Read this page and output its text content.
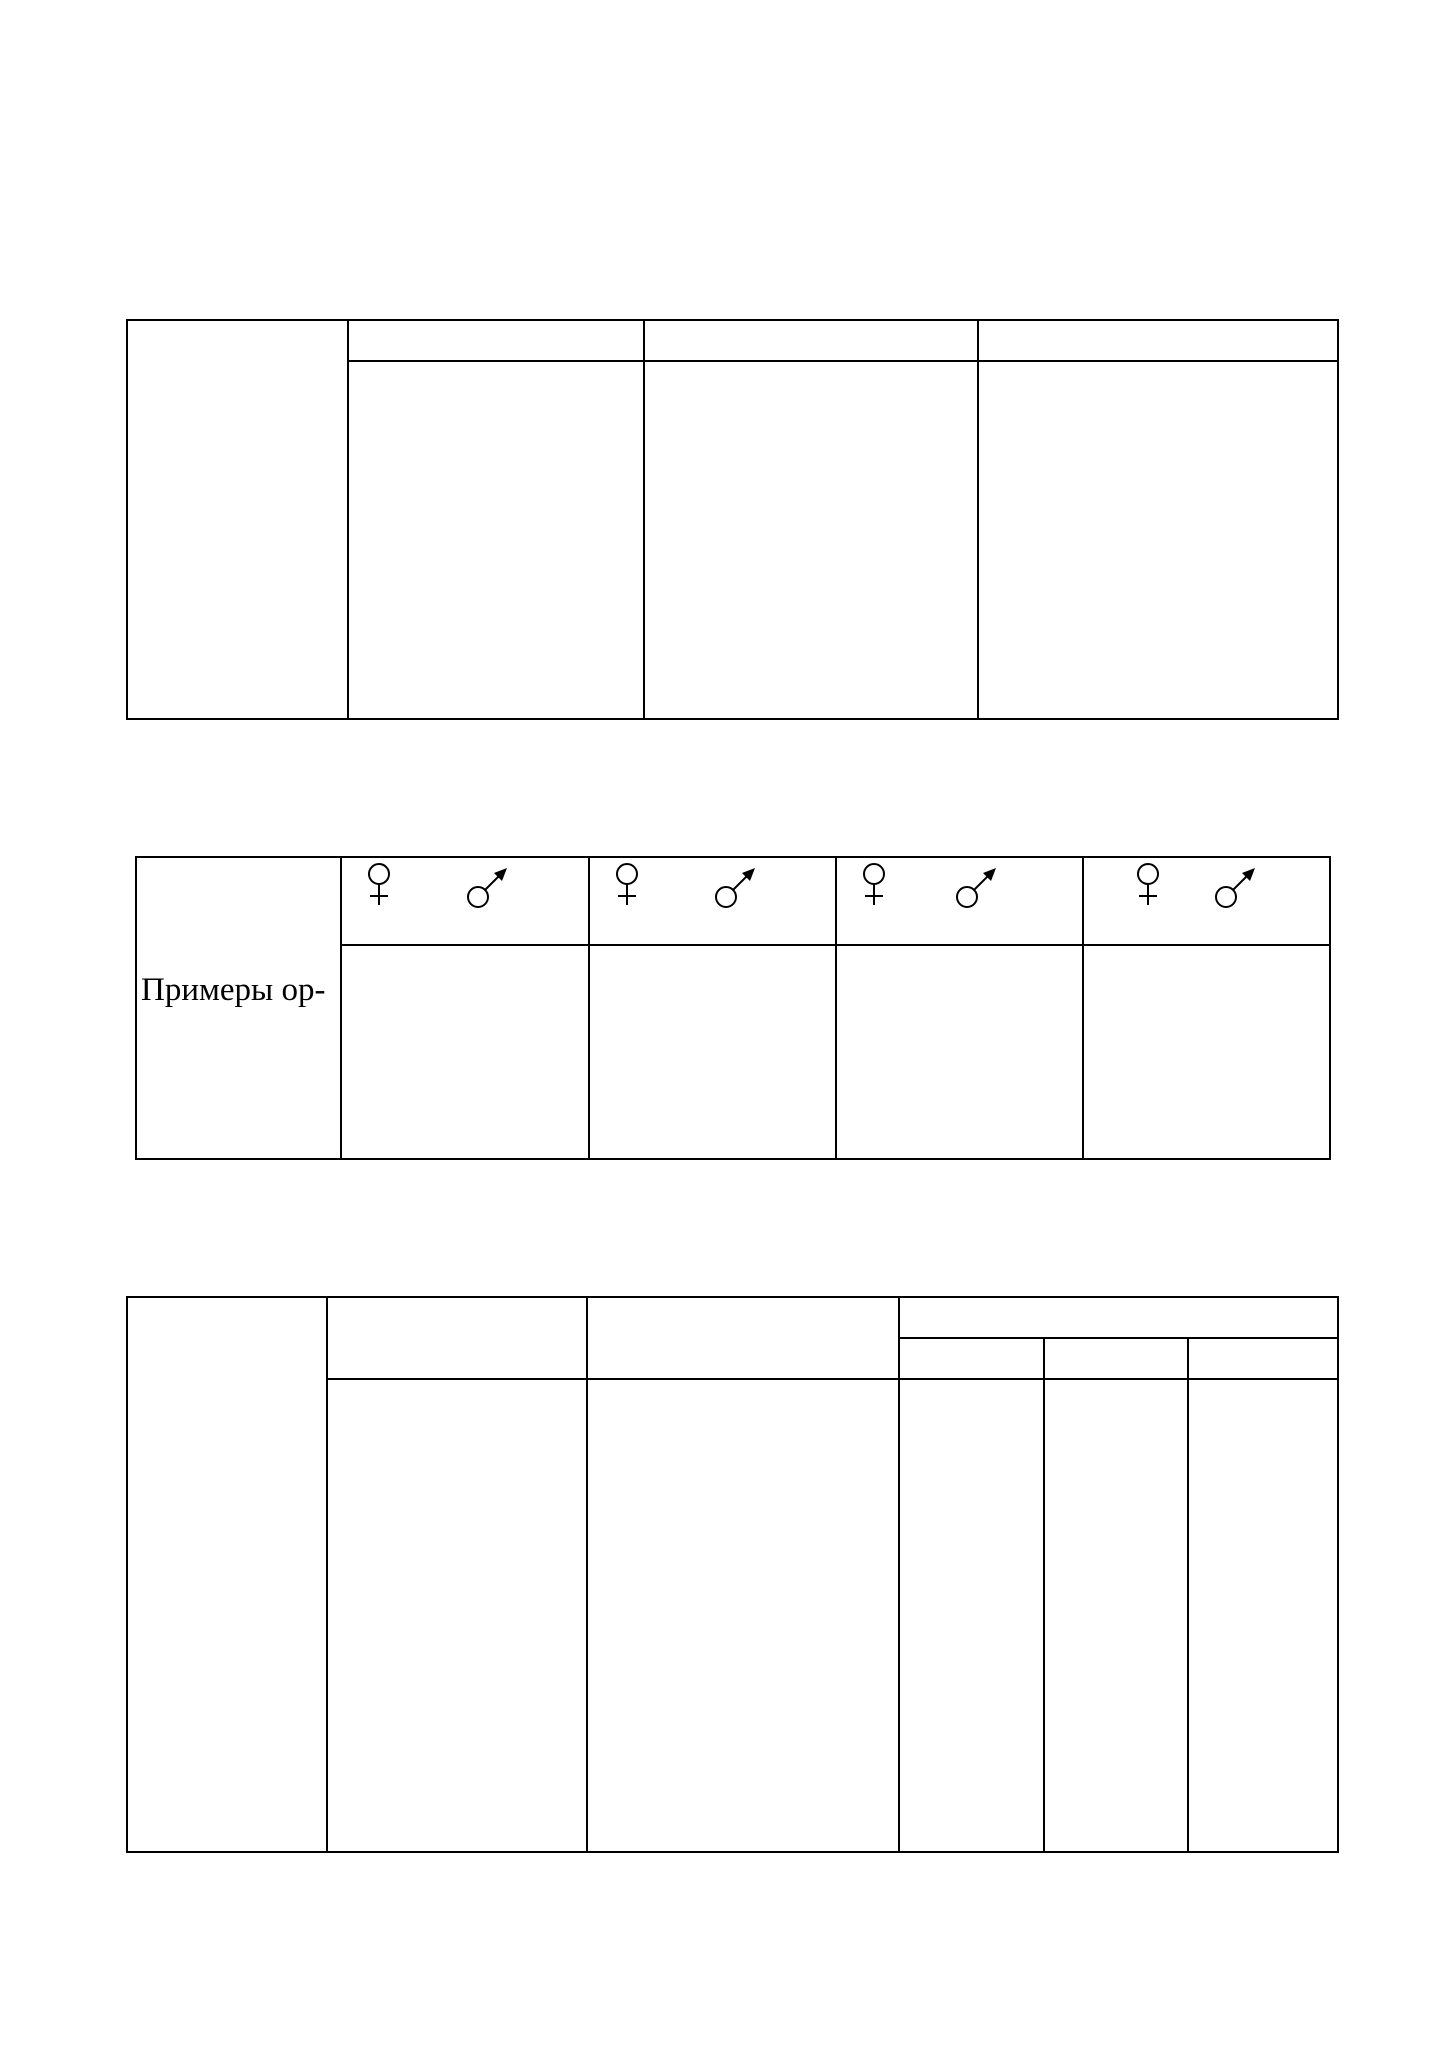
Примеры ор-
